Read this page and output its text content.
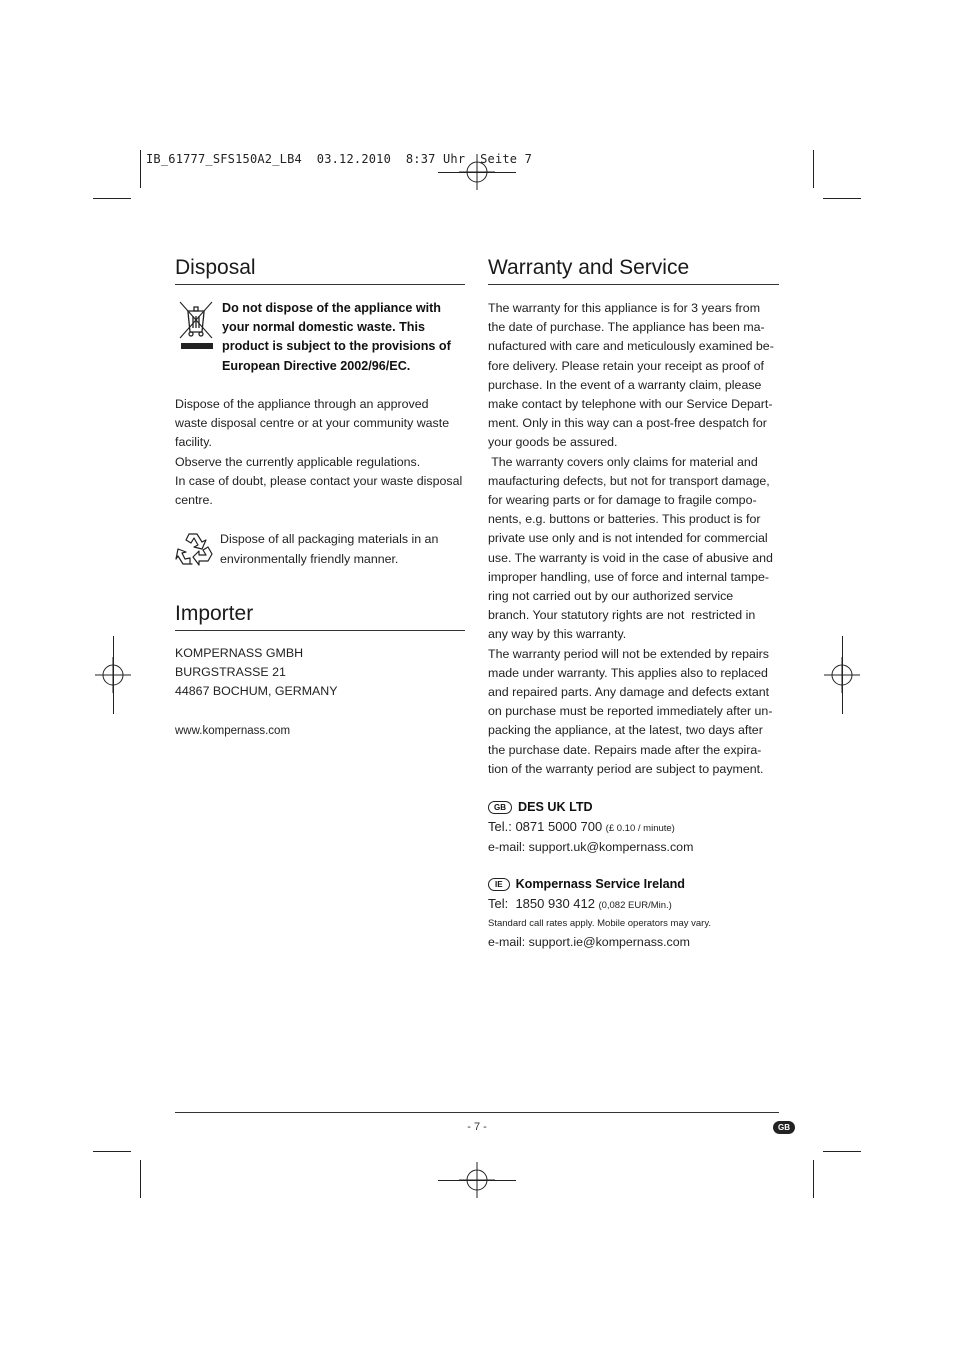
IB_61777_SFS150A2_LB4  03.12.2010  8:37 Uhr  Seite 7
Disposal
Do not dispose of the appliance with
your normal domestic waste. This
product is subject to the provisions of
European Directive 2002/96/EC.
Dispose of the appliance through an approved
waste disposal centre or at your community waste
facility.
Observe the currently applicable regulations.
In case of doubt, please contact your waste disposal
centre.
Dispose of all packaging materials in an
environmentally friendly manner.
Importer
KOMPERNASS GMBH
BURGSTRASSE 21
44867 BOCHUM, GERMANY
www.kompernass.com
Warranty and Service
The warranty for this appliance is for 3 years from
the date of purchase. The appliance has been ma-
nufactured with care and meticulously examined be-
fore delivery. Please retain your receipt as proof of
purchase. In the event of a warranty claim, please
make contact by telephone with our Service Depart-
ment. Only in this way can a post-free despatch for
your goods be assured.
The warranty covers only claims for material and
maufacturing defects, but not for transport damage,
for wearing parts or for damage to fragile compo-
nents, e.g. buttons or batteries. This product is for
private use only and is not intended for commercial
use. The warranty is void in the case of abusive and
improper handling, use of force and internal tampe-
ring not carried out by our authorized service
branch. Your statutory rights are not  restricted in
any way by this warranty.
The warranty period will not be extended by repairs
made under warranty. This applies also to replaced
and repaired parts. Any damage and defects extant
on purchase must be reported immediately after un-
packing the appliance, at the latest, two days after
the purchase date. Repairs made after the expira-
tion of the warranty period are subject to payment.
GB DES UK LTD
Tel.: 0871 5000 700 (£ 0.10 / minute)
e-mail: support.uk@kompernass.com
IE Kompernass Service Ireland
Tel:  1850 930 412 (0,082 EUR/Min.)
Standard call rates apply. Mobile operators may vary.
e-mail: support.ie@kompernass.com
- 7 -	GB
